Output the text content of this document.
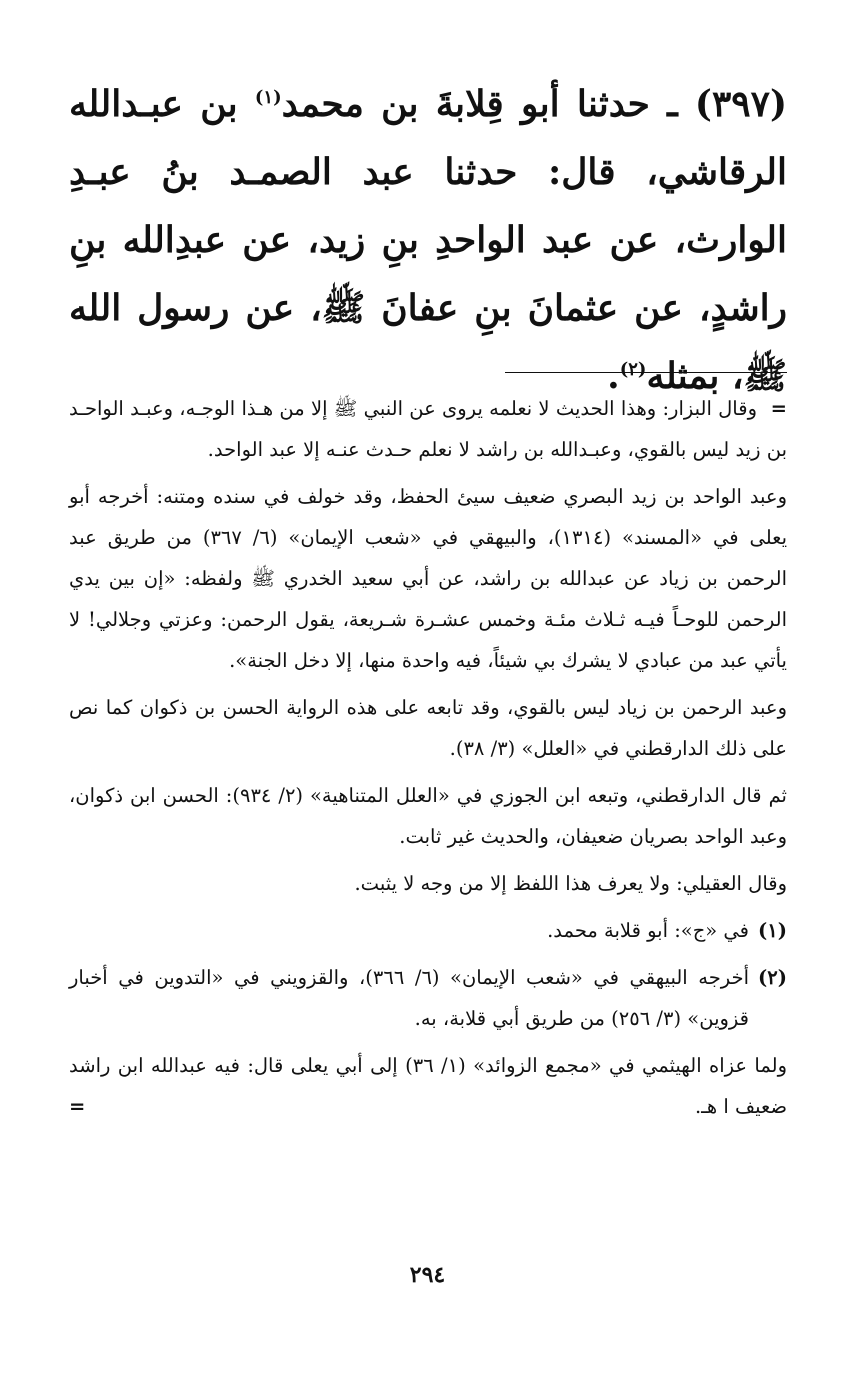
(٣٩٧) ـ حدثنا أبو قِلابةَ بن محمد$^{(١)}$ بن عبـدالله الرقاشي، قال: حدثنا عبد الصمـد بنُ عبـدِ الوارث، عن عبد الواحدِ بنِ زيد، عن عبدِالله بنِ راشدٍ، عن عثمانَ بنِ عفانَ ﷺ، عن رسول الله ﷺ، بمثله$^{(٢)}$.
=وقال البزار: وهذا الحديث لا نعلمه يروى عن النبي ﷺ إلا من هـذا الوجـه، وعبـد الواحـد بن زيد ليس بالقوي، وعبـدالله بن راشد لا نعلم حـدث عنـه إلا عبد الواحد.
وعبد الواحد بن زيد البصري ضعيف سيئ الحفظ، وقد خولف في سنده ومتنه: أخرجه أبو يعلى في «المسند» (١٣١٤)، والبيهقي في «شعب الإيمان» (٦/ ٣٦٧) من طريق عبد الرحمن بن زياد عن عبدالله بن راشد، عن أبي سعيد الخدري ﷺ ولفظه: «إن بين يدي الرحمن للوحـاً فيـه ثـلاث مئـة وخمس عشـرة شـريعة، يقول الرحمن: وعزتي وجلالي! لا يأتي عبد من عبادي لا يشرك بي شيئاً، فيه واحدة منها، إلا دخل الجنة».
وعبد الرحمن بن زياد ليس بالقوي، وقد تابعه على هذه الرواية الحسن بن ذكوان كما نص على ذلك الدارقطني في «العلل» (٣/ ٣٨).
ثم قال الدارقطني، وتبعه ابن الجوزي في «العلل المتناهية» (٢/ ٩٣٤): الحسن ابن ذكوان، وعبد الواحد بصريان ضعيفان، والحديث غير ثابت.
وقال العقيلي: ولا يعرف هذا اللفظ إلا من وجه لا يثبت.
(١)
في «ج»: أبو قلابة محمد.
(٢)
أخرجه البيهقي في «شعب الإيمان» (٦/ ٣٦٦)، والقزويني في «التدوين في أخبار قزوين» (٣/ ٢٥٦) من طريق أبي قلابة، به.
ولما عزاه الهيثمي في «مجمع الزوائد» (١/ ٣٦) إلى أبي يعلى قال: فيه عبدالله ابن راشد ضعيف ا هـ.
=
٢٩٤
